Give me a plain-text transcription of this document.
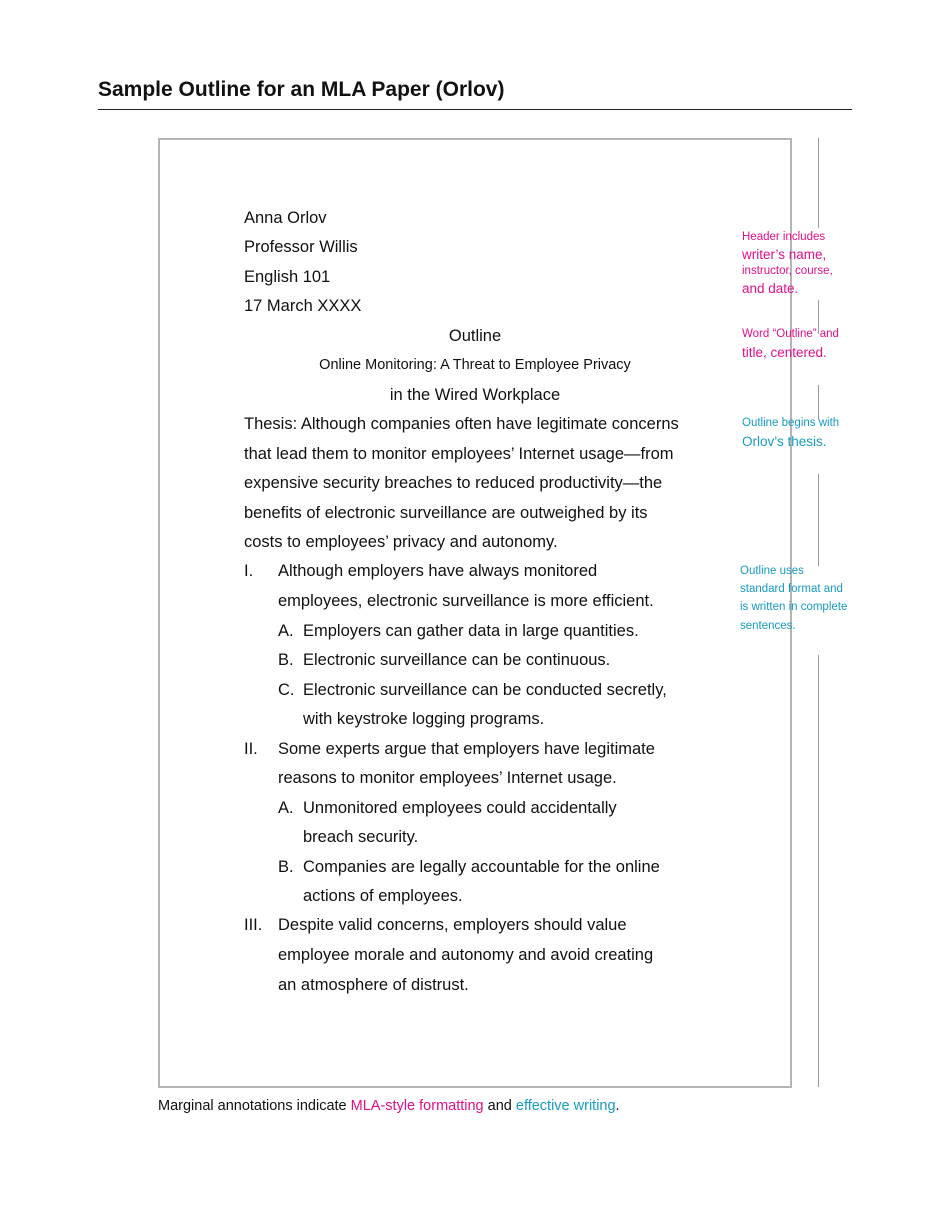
Sample Outline for an MLA Paper (Orlov)
Anna Orlov
Professor Willis
English 101
17 March XXXX
Outline
Online Monitoring: A Threat to Employee Privacy
in the Wired Workplace
Thesis: Although companies often have legitimate concerns
that lead them to monitor employees’ Internet usage—from
expensive security breaches to reduced productivity—the
benefits of electronic surveillance are outweighed by its
costs to employees’ privacy and autonomy.
I. Although employers have always monitored
employees, electronic surveillance is more efficient.
A. Employers can gather data in large quantities.
B. Electronic surveillance can be continuous.
C. Electronic surveillance can be conducted secretly,
with keystroke logging programs.
II. Some experts argue that employers have legitimate
reasons to monitor employees’ Internet usage.
A. Unmonitored employees could accidentally
breach security.
B. Companies are legally accountable for the online
actions of employees.
III. Despite valid concerns, employers should value
employee morale and autonomy and avoid creating
an atmosphere of distrust.
Header includes
writer’s name,
instructor, course,
and date.
Word “Outline” and
title, centered.
Outline begins with
Orlov’s thesis.
Outline uses
standard format and
is written in complete
sentences.
Marginal annotations indicate MLA-style formatting and effective writing.
